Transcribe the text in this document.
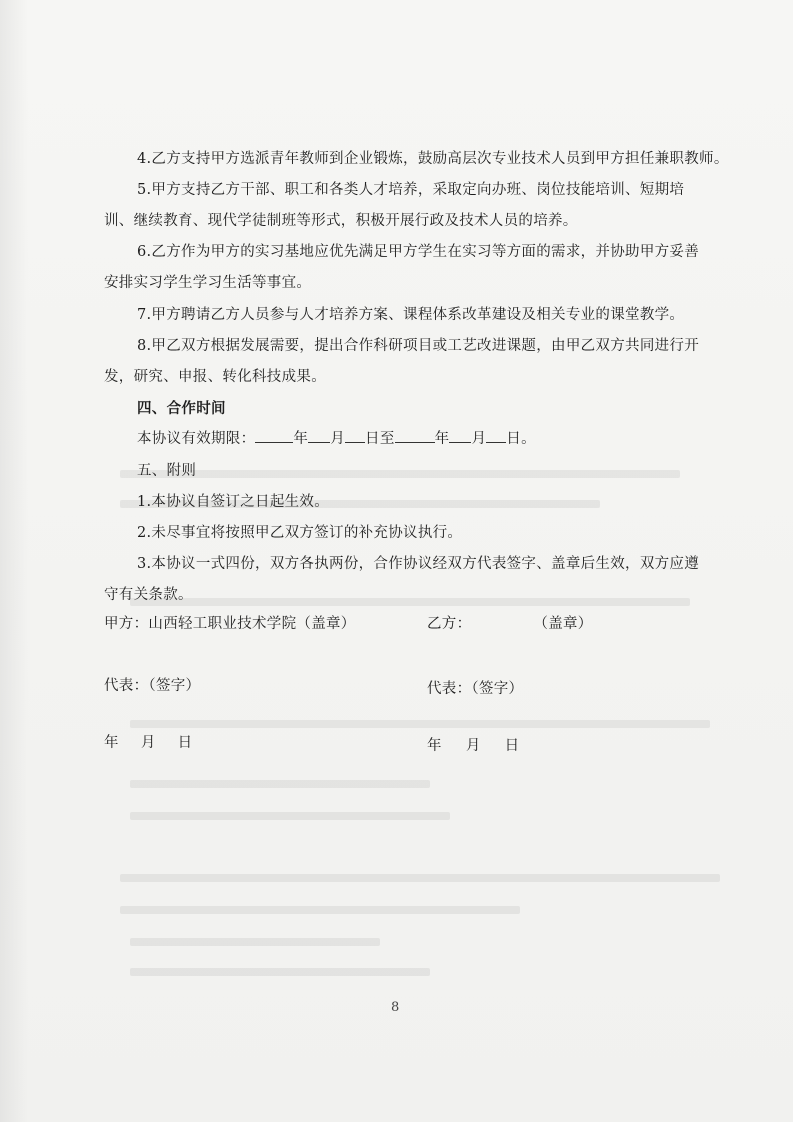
4.乙方支持甲方选派青年教师到企业锻炼，鼓励高层次专业技术人员到甲方担任兼职教师。
5.甲方支持乙方干部、职工和各类人才培养，采取定向办班、岗位技能培训、短期培训、继续教育、现代学徒制班等形式，积极开展行政及技术人员的培养。
6.乙方作为甲方的实习基地应优先满足甲方学生在实习等方面的需求，并协助甲方妥善安排实习学生学习生活等事宜。
7.甲方聘请乙方人员参与人才培养方案、课程体系改革建设及相关专业的课堂教学。
8.甲乙双方根据发展需要，提出合作科研项目或工艺改进课题，由甲乙双方共同进行开发，研究、申报、转化科技成果。
四、合作时间
本协议有效期限：	年 月 日至	年 月 日。
五、附则
1.本协议自签订之日起生效。
2.未尽事宜将按照甲乙双方签订的补充协议执行。
3.本协议一式四份，双方各执两份，合作协议经双方代表签字、盖章后生效，双方应遵守有关条款。
甲方：山西轻工职业技术学院（盖章）	乙方：	（盖章）
代表：（签字）	代表：（签字）
年 月 日	年 月 日
8
